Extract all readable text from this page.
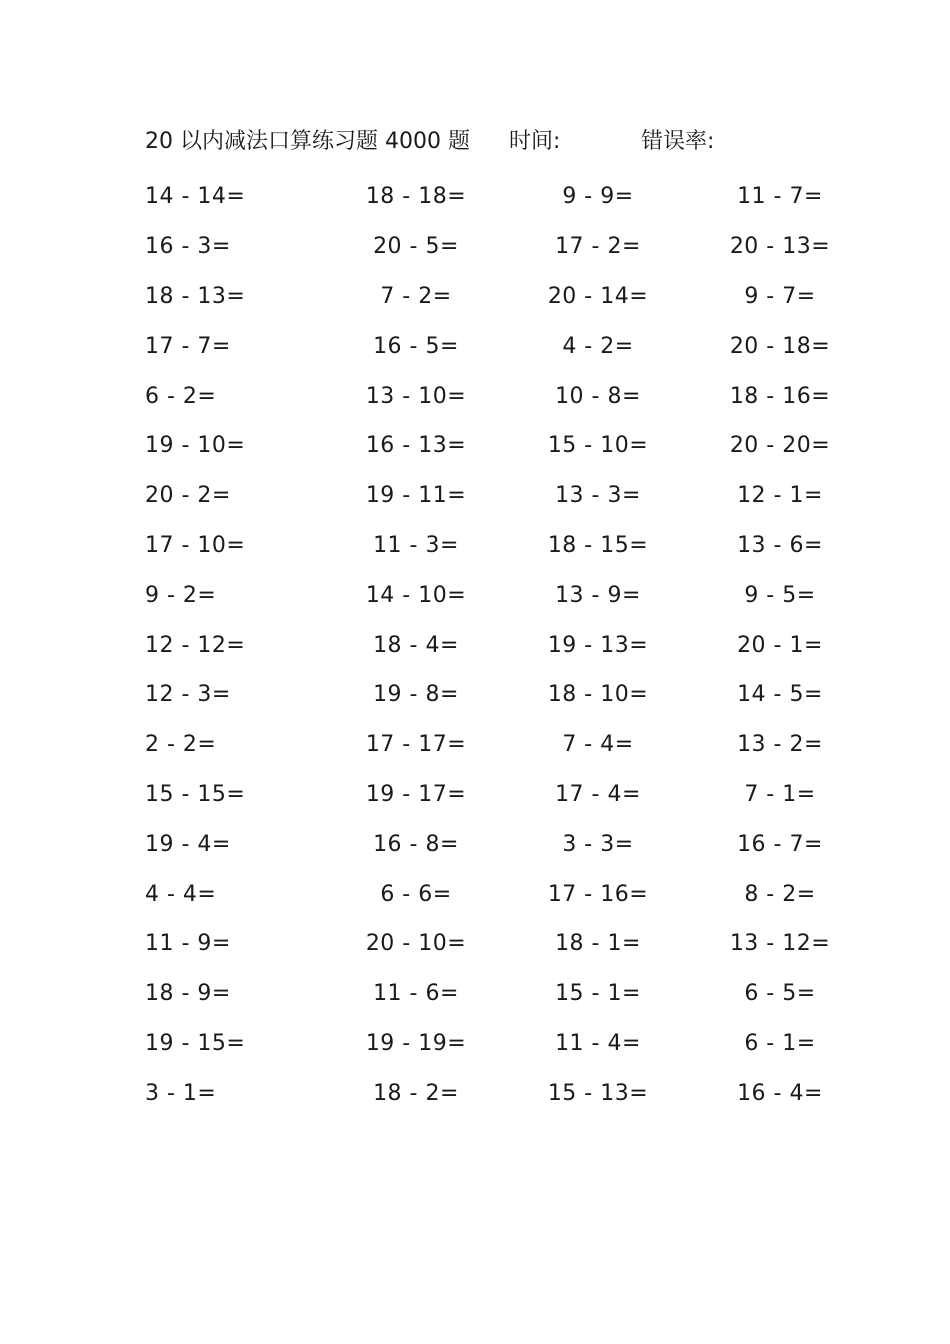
20 以内减法口算练习题 4000 题 时间:	错误率:
14 - 14=	18 - 18=	9 - 9=	11 - 7=
16 - 3=	20 - 5=	17 - 2=	20 - 13=
18 - 13=	7 - 2=	20 - 14=	9 - 7=
17 - 7=	16 - 5=	4 - 2=	20 - 18=
6 - 2=	13 - 10=	10 - 8=	18 - 16=
19 - 10=	16 - 13=	15 - 10=	20 - 20=
20 - 2=	19 - 11=	13 - 3=	12 - 1=
17 - 10=	11 - 3=	18 - 15=	13 - 6=
9 - 2=	14 - 10=	13 - 9=	9 - 5=
12 - 12=	18 - 4=	19 - 13=	20 - 1=
12 - 3=	19 - 8=	18 - 10=	14 - 5=
2 - 2=	17 - 17=	7 - 4=	13 - 2=
15 - 15=	19 - 17=	17 - 4=	7 - 1=
19 - 4=	16 - 8=	3 - 3=	16 - 7=
4 - 4=	6 - 6=	17 - 16=	8 - 2=
11 - 9=	20 - 10=	18 - 1=	13 - 12=
18 - 9=	11 - 6=	15 - 1=	6 - 5=
19 - 15=	19 - 19=	11 - 4=	6 - 1=
3 - 1=	18 - 2=	15 - 13=	16 - 4=
